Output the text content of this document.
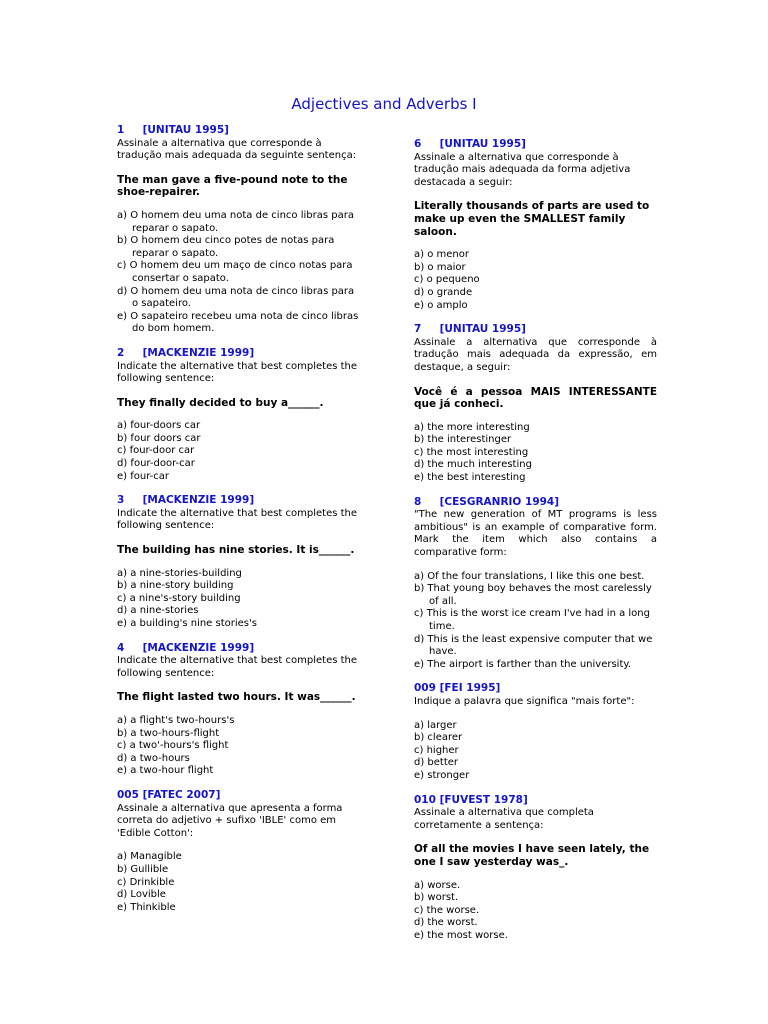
Adjectives and Adverbs I
1     [UNITAU 1995]
Assinale a alternativa que corresponde à tradução mais adequada da seguinte sentença:
The man gave a five-pound note to the shoe-repairer.
a) O homem deu uma nota de cinco libras para reparar o sapato.
b) O homem deu cinco potes de notas para reparar o sapato.
c) O homem deu um maço de cinco notas para consertar o sapato.
d) O homem deu uma nota de cinco libras para o sapateiro.
e) O sapateiro recebeu uma nota de cinco libras do bom homem.
2     [MACKENZIE 1999]
Indicate the alternative that best completes the following sentence:
They finally decided to buy a______.
a) four-doors car
b) four doors car
c) four-door car
d) four-door-car
e) four-car
3     [MACKENZIE 1999]
Indicate the alternative that best completes the following sentence:
The building has nine stories. It is______.
a) a nine-stories-building
b) a nine-story building
c) a nine's-story building
d) a nine-stories
e) a building's nine stories's
4     [MACKENZIE 1999]
Indicate the alternative that best completes the following sentence:
The flight lasted two hours. It was______.
a) a flight's two-hours's
b) a two-hours-flight
c) a two'-hours's flight
d) a two-hours
e) a two-hour flight
005 [FATEC 2007]
Assinale a alternativa que apresenta a forma correta do adjetivo + sufixo 'IBLE' como em 'Edible Cotton':
a) Managible
b) Gullible
c) Drinkible
d) Lovible
e) Thinkible
6     [UNITAU 1995]
Assinale a alternativa que corresponde à tradução mais adequada da forma adjetiva destacada a seguir:
Literally thousands of parts are used to make up even the SMALLEST family saloon.
a) o menor
b) o maior
c) o pequeno
d) o grande
e) o amplo
7     [UNITAU 1995]
Assinale a alternativa que corresponde à tradução mais adequada da expressão, em destaque, a seguir:
Você é a pessoa MAIS INTERESSANTE que já conheci.
a) the more interesting
b) the interestinger
c) the most interesting
d) the much interesting
e) the best interesting
8     [CESGRANRIO 1994]
"The new generation of MT programs is less ambitious" is an example of comparative form. Mark the item which also contains a comparative form:
a) Of the four translations, I like this one best.
b) That young boy behaves the most carelessly of all.
c) This is the worst ice cream I've had in a long time.
d) This is the least expensive computer that we have.
e) The airport is farther than the university.
009 [FEI 1995]
Indique a palavra que significa "mais forte":
a) larger
b) clearer
c) higher
d) better
e) stronger
010 [FUVEST 1978]
Assinale a alternativa que completa corretamente a sentença:
Of all the movies I have seen lately, the one I saw yesterday was_.
a) worse.
b) worst.
c) the worse.
d) the worst.
e) the most worse.
